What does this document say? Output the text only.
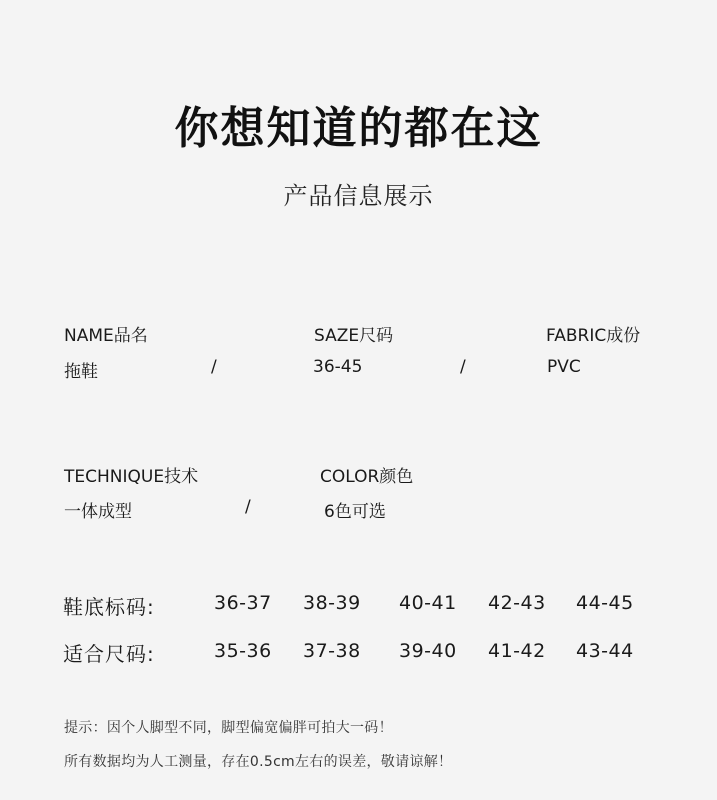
你想知道的都在这
产品信息展示
NAME品名	SAZE尺码	FABRIC成份
拖鞋	/	36-45	/	PVC
TECHNIQUE技术	COLOR颜色
一体成型	/	6色可选
鞋底标码:	36-37 38-39 40-41 42-43 44-45
适合尺码:	35-36 37-38 39-40 41-42 43-44
提示：因个人脚型不同，脚型偏宽偏胖可拍大一码！
所有数据均为人工测量，存在0.5cm左右的误差，敬请谅解！
